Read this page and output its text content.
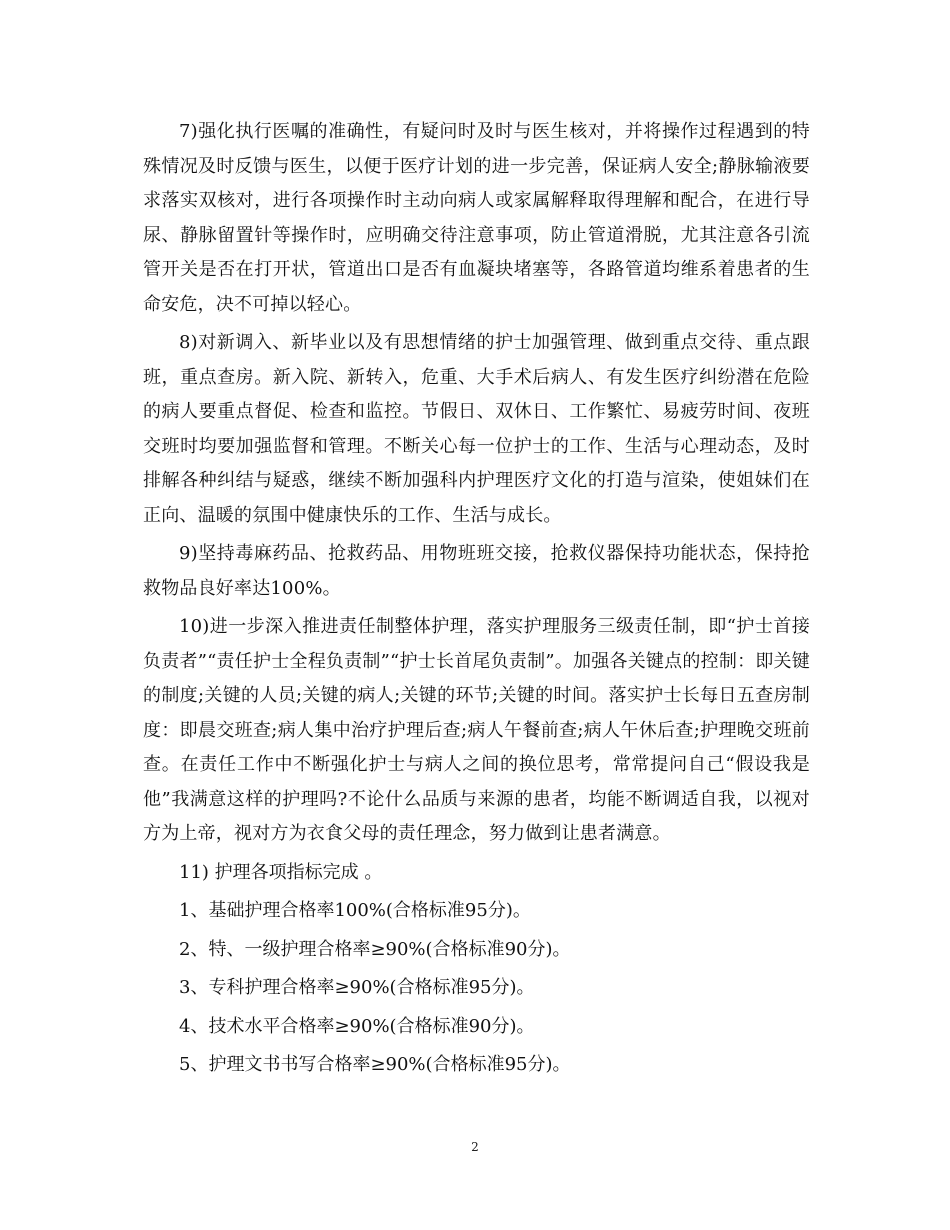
7)强化执行医嘱的准确性，有疑问时及时与医生核对，并将操作过程遇到的特殊情况及时反馈与医生，以便于医疗计划的进一步完善，保证病人安全;静脉输液要求落实双核对，进行各项操作时主动向病人或家属解释取得理解和配合，在进行导尿、静脉留置针等操作时，应明确交待注意事项，防止管道滑脱，尤其注意各引流管开关是否在打开状，管道出口是否有血凝块堵塞等，各路管道均维系着患者的生命安危，决不可掉以轻心。

8)对新调入、新毕业以及有思想情绪的护士加强管理、做到重点交待、重点跟班，重点查房。新入院、新转入，危重、大手术后病人、有发生医疗纠纷潜在危险的病人要重点督促、检查和监控。节假日、双休日、工作繁忙、易疲劳时间、夜班交班时均要加强监督和管理。不断关心每一位护士的工作、生活与心理动态，及时排解各种纠结与疑惑，继续不断加强科内护理医疗文化的打造与渲染，使姐妹们在正向、温暖的氛围中健康快乐的工作、生活与成长。

9)坚持毒麻药品、抢救药品、用物班班交接，抢救仪器保持功能状态，保持抢救物品良好率达100%。

10)进一步深入推进责任制整体护理，落实护理服务三级责任制，即“护士首接负责者”“责任护士全程负责制”“护士长首尾负责制”。加强各关键点的控制：即关键的制度;关键的人员;关键的病人;关键的环节;关键的时间。落实护士长每日五查房制度：即晨交班查;病人集中治疗护理后查;病人午餐前查;病人午休后查;护理晚交班前查。在责任工作中不断强化护士与病人之间的换位思考，常常提问自己“假设我是他”我满意这样的护理吗?不论什么品质与来源的患者，均能不断调适自我，以视对方为上帝，视对方为衣食父母的责任理念，努力做到让患者满意。

11) 护理各项指标完成 。

1、基础护理合格率100%(合格标准95分)。

2、特、一级护理合格率≥90%(合格标准90分)。

3、专科护理合格率≥90%(合格标准95分)。

4、技术水平合格率≥90%(合格标准90分)。

5、护理文书书写合格率≥90%(合格标准95分)。

2
